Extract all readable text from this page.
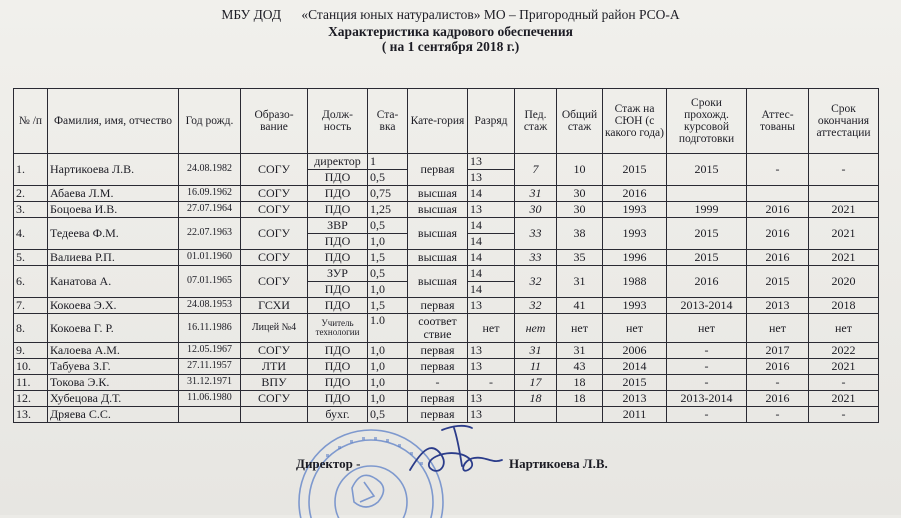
МБУ ДОД      «Станция юных натуралистов» МО – Пригородный район РСО-А
Характеристика кадрового обеспечения
( на 1 сентября 2018 г.)
№ /п	Фамилия, имя, отчество	Год рожд.	Образо-вание	Долж-ность	Ста-вка	Кате-гория	Разряд	Пед. стаж	Общий стаж	Стаж на СЮН (с какого года)	Сроки прохожд. курсовой подготовки	Аттес-тованы	Срок окончания аттестации
1.	Нартикоева Л.В.	24.08.1982	СОГУ	директор	1	первая	13	7	10	2015	2015	-	-
				ПДО	0,5		13						
2.	Абаева Л.М.	16.09.1962	СОГУ	ПДО	0,75	высшая	14	31	30	2016			
3.	Боцоева И.В.	27.07.1964	СОГУ	ПДО	1,25	высшая	13	30	30	1993	1999	2016	2021
4.	Тедеева Ф.М.	22.07.1963	СОГУ	ЗВР	0,5	высшая	14	33	38	1993	2015	2016	2021
				ПДО	1,0		14						
5.	Валиева Р.П.	01.01.1960	СОГУ	ПДО	1,5	высшая	14	33	35	1996	2015	2016	2021
6.	Канатова А.	07.01.1965	СОГУ	ЗУР	0,5	высшая	14	32	31	1988	2016	2015	2020
				ПДО	1,0		14						
7.	Кокоева Э.Х.	24.08.1953	ГСХИ	ПДО	1,5	первая	13	32	41	1993	2013-2014	2013	2018
8.	Кокоева Г. Р.	16.11.1986	Лицей №4	Учитель технологии	1.0	соответ ствие	нет	нет	нет	нет	нет	нет	нет
9.	Калоева А.М.	12.05.1967	СОГУ	ПДО	1,0	первая	13	31	31	2006	-	2017	2022
10.	Табуева З.Г.	27.11.1957	ЛТИ	ПДО	1,0	первая	13	11	43	2014	-	2016	2021
11.	Токова Э.К.	31.12.1971	ВПУ	ПДО	1,0	-	-	17	18	2015	-	-	-
12.	Хубецова Д.Т.	11.06.1980	СОГУ	ПДО	1,0	первая	13	18	18	2013	2013-2014	2016	2021
13.	Дряева С.С.			бухг.	0,5	первая	13			2011	-	-	-
Директор -	Нартикоева Л.В.
